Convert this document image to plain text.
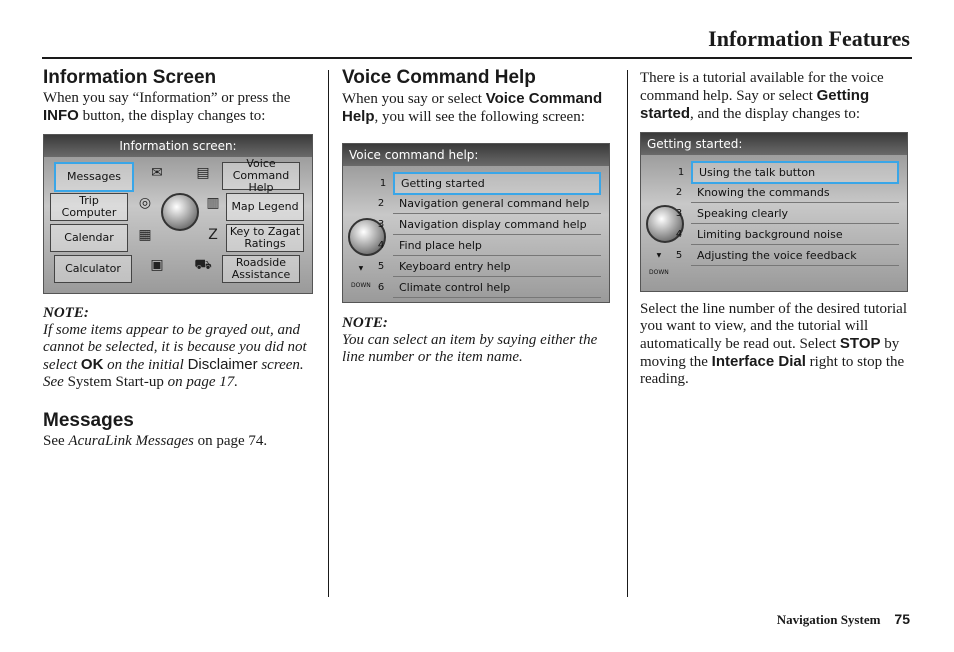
Information Features
Information Screen

When you say “Information” or press the INFO button, the display changes to:

Information screen:
Messages
Voice Command Help
Trip Computer	Map Legend
Calendar	Key to Zagat Ratings
Calculator	Roadside Assistance
✉ ▤
◎	▥
▦	Z
▣ ⛟

NOTE:

If some items appear to be grayed out, and cannot be selected, it is because you did not select OK on the initial Disclaimer screen. See System Start-up on page 17.

Messages

See AcuraLink Messages on page 74.

Voice Command Help

When you say or select Voice Command Help, you will see the following screen:

Voice command help:
▼
DOWN
1 Getting started
2 Navigation general command help
3 Navigation display command help
4 Find place help
5 Keyboard entry help
6 Climate control help

NOTE:

You can select an item by saying either the line number or the item name.

There is a tutorial available for the voice command help. Say or select Getting started, and the display changes to:

Getting started:
▼
DOWN
1 Using the talk button
2 Knowing the commands
3 Speaking clearly
4 Limiting background noise
5 Adjusting the voice feedback

Select the line number of the desired tutorial you want to view, and the tutorial will automatically be read out. Select STOP by moving the Interface Dial right to stop the reading.

Navigation System 75
